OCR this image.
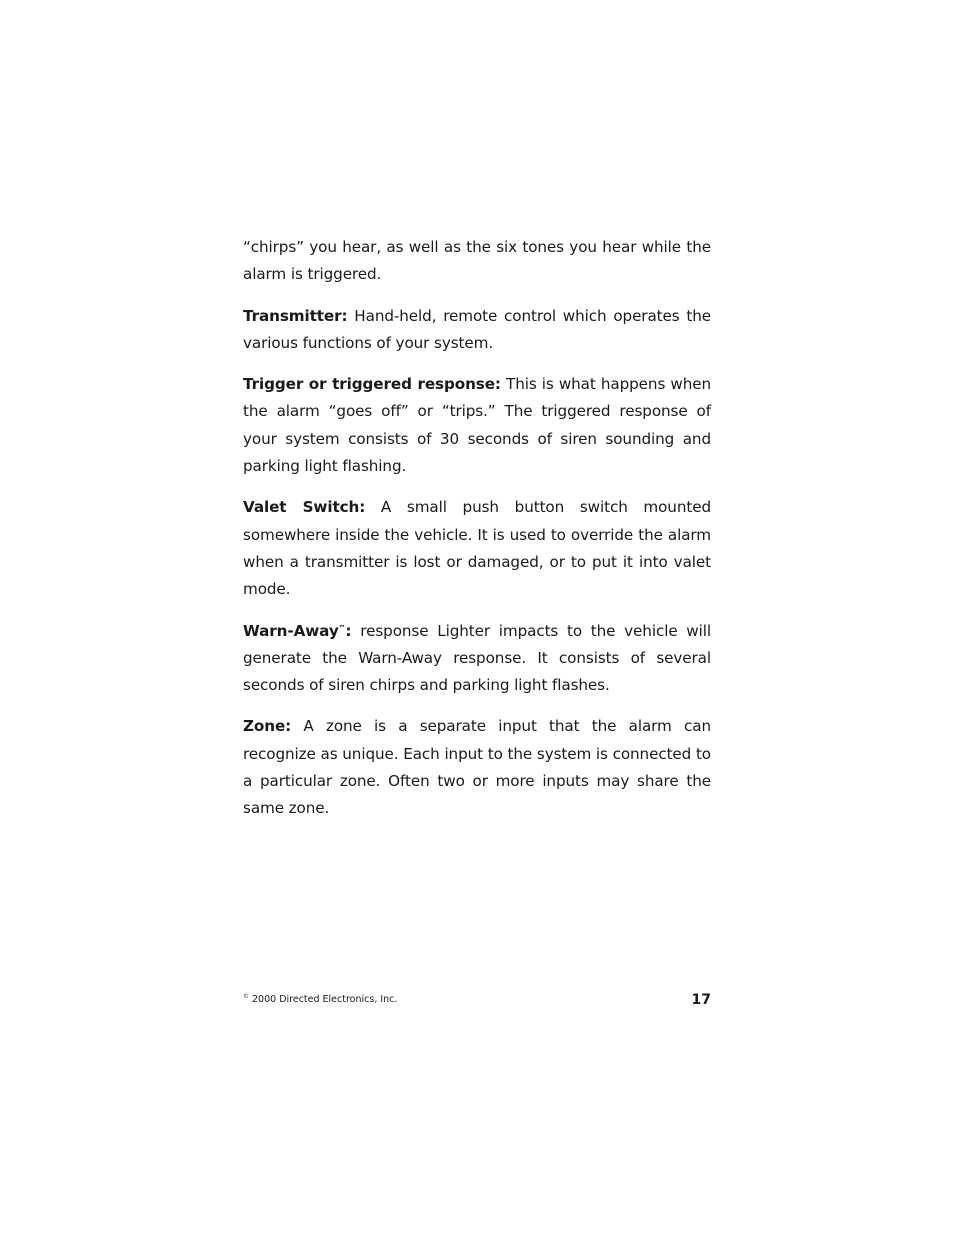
“chirps” you hear, as well as the six tones you hear while the alarm is triggered.

Transmitter: Hand-held, remote control which operates the various functions of your system.

Trigger or triggered response: This is what happens when the alarm “goes off” or “trips.” The triggered response of your system consists of 30 seconds of siren sounding and parking light flashing.

Valet Switch: A small push button switch mounted somewhere inside the vehicle. It is used to override the alarm when a transmitter is lost or damaged, or to put it into valet mode.

Warn-Away™: response Lighter impacts to the vehicle will generate the Warn-Away response. It consists of several seconds of siren chirps and parking light flashes.

Zone: A zone is a separate input that the alarm can recognize as unique. Each input to the system is connected to a particular zone. Often two or more inputs may share the same zone.

© 2000 Directed Electronics, Inc.	17
